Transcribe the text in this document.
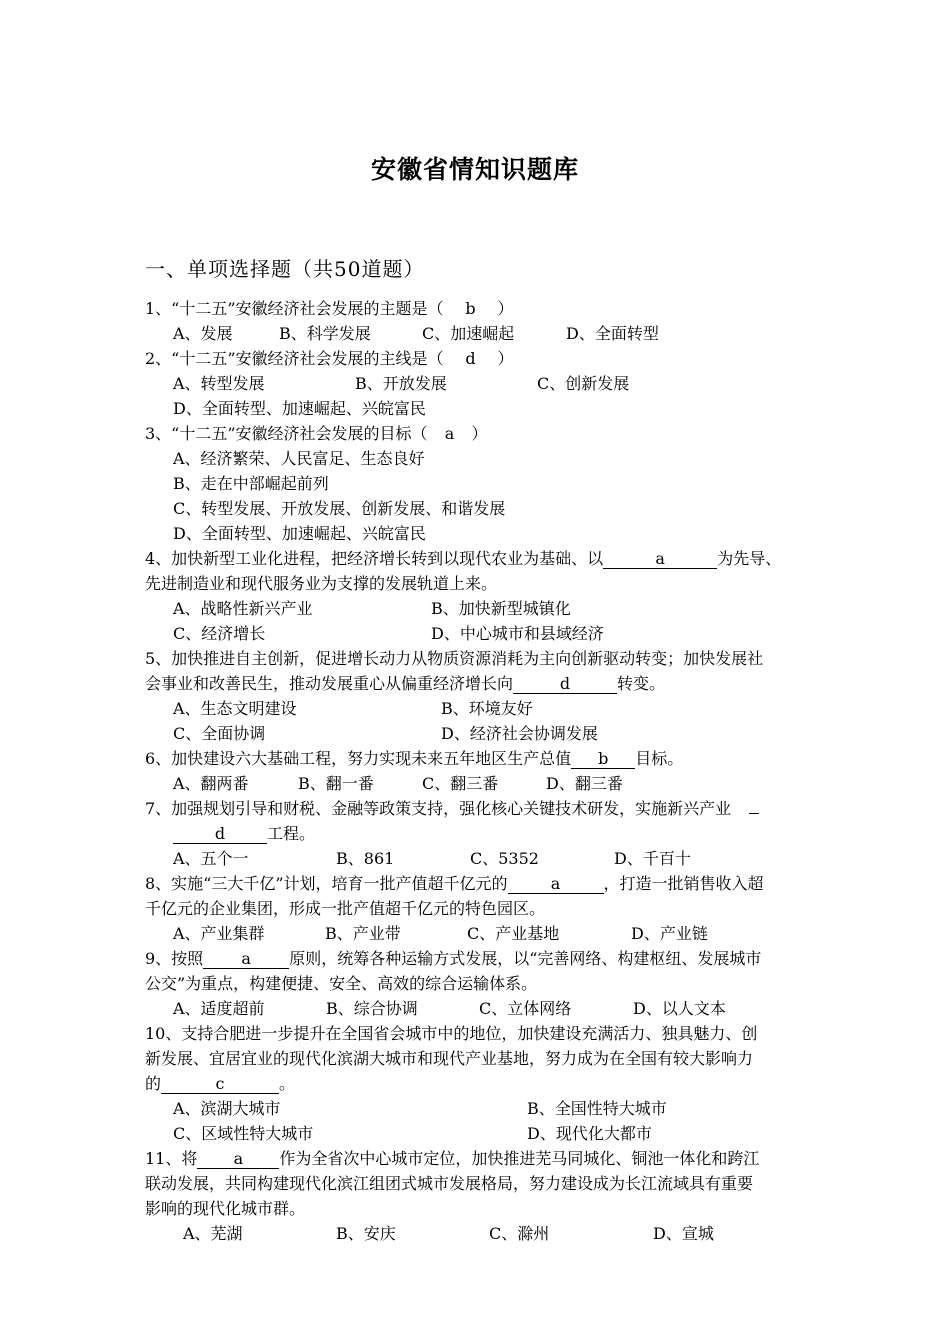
安徽省情知识题库
一、单项选择题（共50道题）
1、“十二五”安徽经济社会发展的主题是（ b ）
A、发展	B、科学发展	C、加速崛起	D、全面转型
2、“十二五”安徽经济社会发展的主线是（ d ）
A、转型发展	B、开放发展	C、创新发展
D、全面转型、加速崛起、兴皖富民
3、“十二五”安徽经济社会发展的目标（ a ）
A、经济繁荣、人民富足、生态良好
B、走在中部崛起前列
C、转型发展、开放发展、创新发展、和谐发展
D、全面转型、加速崛起、兴皖富民
4、加快新型工业化进程，把经济增长转到以现代农业为基础、以	a	为先导、
先进制造业和现代服务业为支撑的发展轨道上来。
A、战略性新兴产业	B、加快新型城镇化
C、经济增长	D、中心城市和县域经济
5、加快推进自主创新，促进增长动力从物质资源消耗为主向创新驱动转变；加快发展社
会事业和改善民生，推动发展重心从偏重经济增长向	d	转变。
A、生态文明建设	B、环境友好
C、全面协调	D、经济社会协调发展
6、加快建设六大基础工程，努力实现未来五年地区生产总值 b 目标。
A、翻两番	B、翻一番	C、翻三番	D、翻三番
7、加强规划引导和财税、金融等政策支持，强化核心关键技术研发，实施新兴产业
d	工程。
A、五个一	B、861	C、5352	D、千百十
8、实施“三大千亿”计划，培育一批产值超千亿元的	a	，打造一批销售收入超
千亿元的企业集团，形成一批产值超千亿元的特色园区。
A、产业集群	B、产业带	C、产业基地	D、产业链
9、按照 a 原则，统筹各种运输方式发展，以“完善网络、构建枢纽、发展城市
公交”为重点，构建便捷、安全、高效的综合运输体系。
A、适度超前	B、综合协调	C、立体网络	D、以人文本
10、支持合肥进一步提升在全国省会城市中的地位，加快建设充满活力、独具魅力、创
新发展、宜居宜业的现代化滨湖大城市和现代产业基地，努力成为在全国有较大影响力
的	c	。
A、滨湖大城市	B、全国性特大城市
C、区域性特大城市	D、现代化大都市
11、将 a 作为全省次中心城市定位，加快推进芜马同城化、铜池一体化和跨江
联动发展，共同构建现代化滨江组团式城市发展格局，努力建设成为长江流域具有重要
影响的现代化城市群。
A、芜湖	B、安庆	C、滁州	D、宣城
